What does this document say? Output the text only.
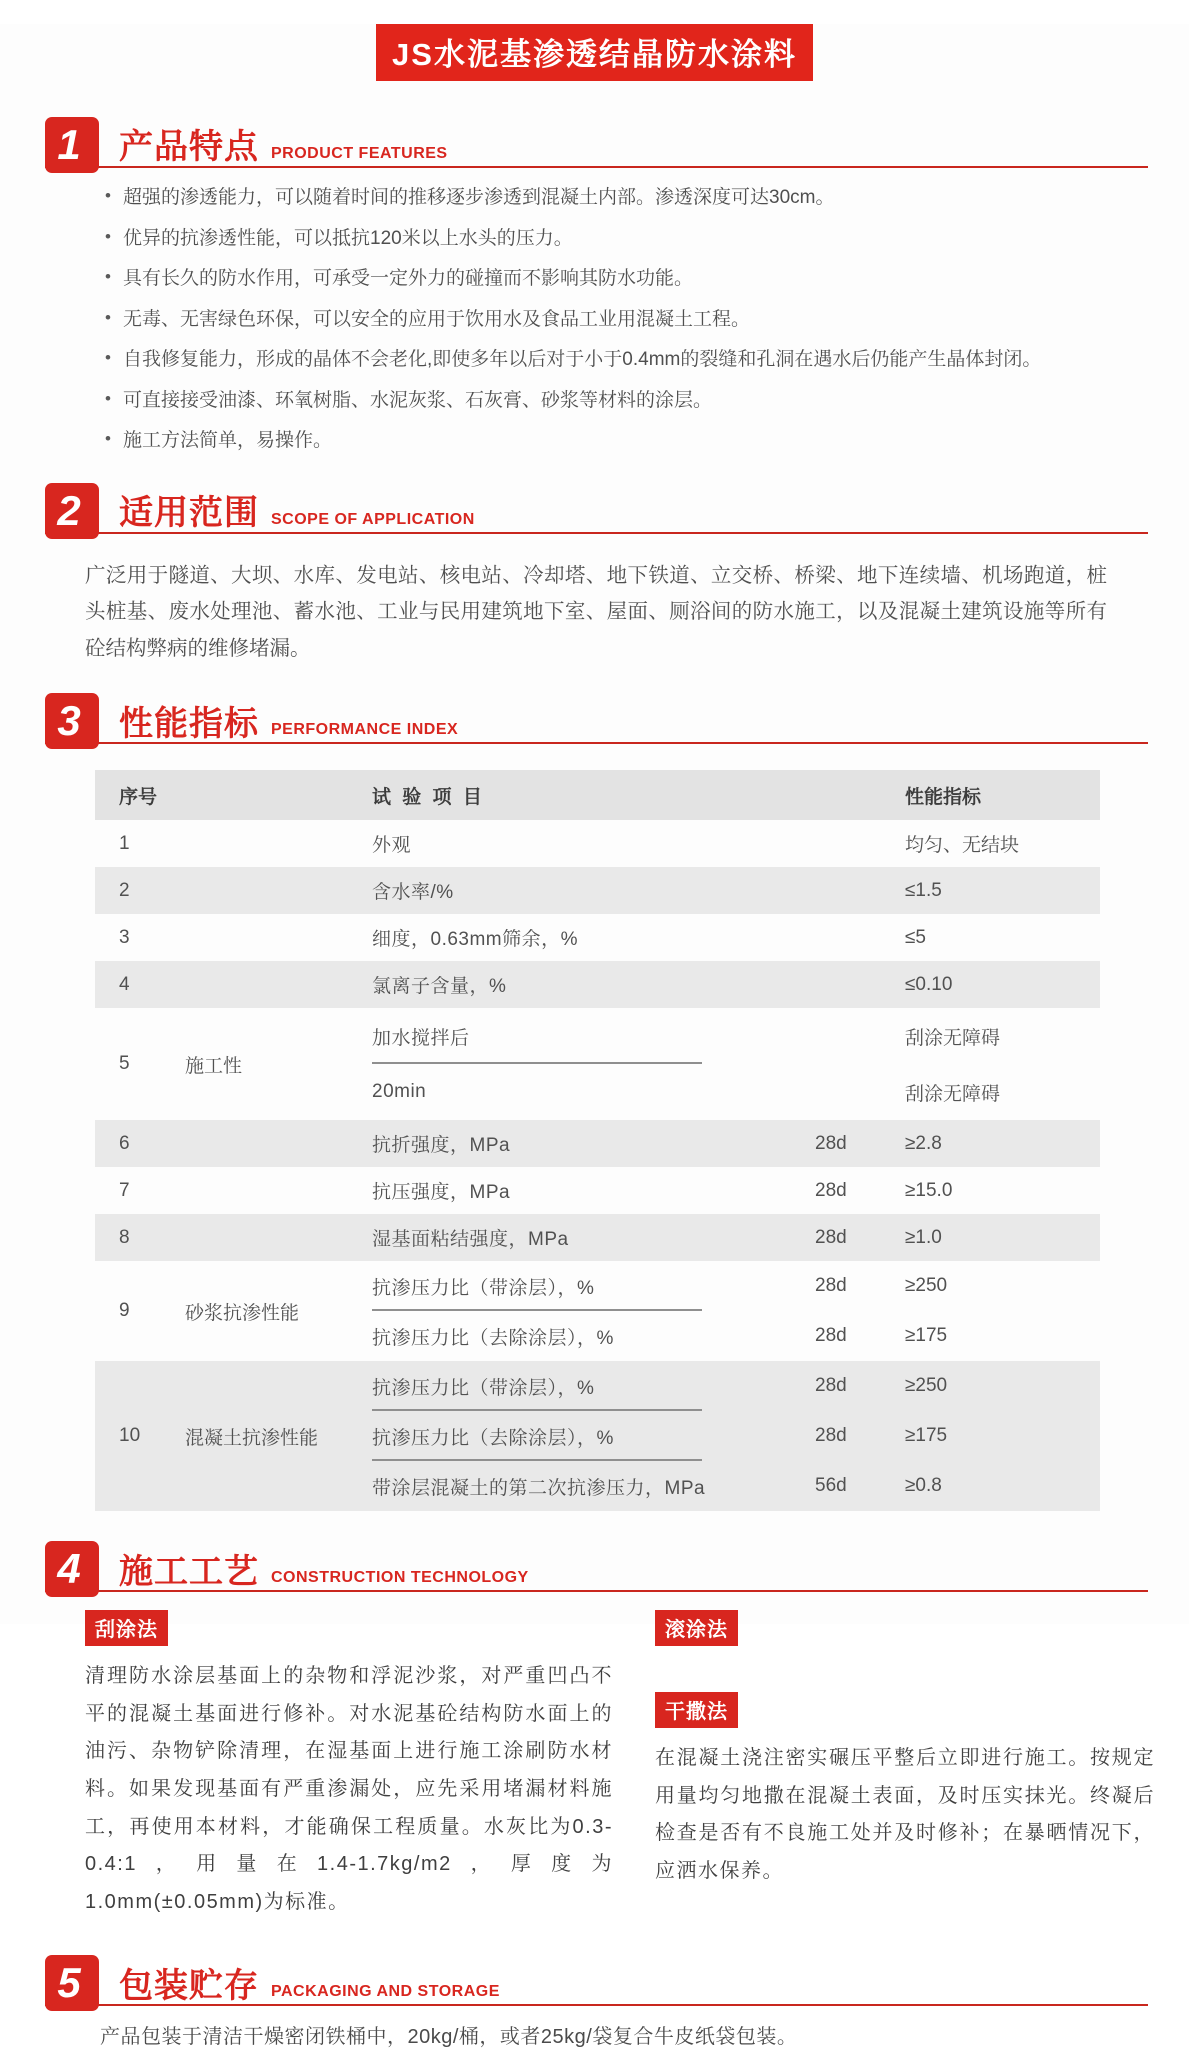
JS水泥基渗透结晶防水涂料
1	产品特点 PRODUCT FEATURES
• 超强的渗透能力，可以随着时间的推移逐步渗透到混凝土内部。渗透深度可达30cm。
• 优异的抗渗透性能，可以抵抗120米以上水头的压力。
• 具有长久的防水作用，可承受一定外力的碰撞而不影响其防水功能。
• 无毒、无害绿色环保，可以安全的应用于饮用水及食品工业用混凝土工程。
• 自我修复能力，形成的晶体不会老化,即使多年以后对于小于0.4mm的裂缝和孔洞在遇水后仍能产生晶体封闭。
• 可直接接受油漆、环氧树脂、水泥灰浆、石灰膏、砂浆等材料的涂层。
• 施工方法简单，易操作。
2	适用范围 SCOPE OF APPLICATION

广泛用于隧道、大坝、水库、发电站、核电站、冷却塔、地下铁道、立交桥、桥梁、地下连续墙、机场跑道，桩头桩基、废水处理池、蓄水池、工业与民用建筑地下室、屋面、厕浴间的防水施工，以及混凝土建筑设施等所有砼结构弊病的维修堵漏。

3	性能指标 PERFORMANCE INDEX
序号	试 验 项 目	性能指标
1	外观	均匀、无结块
2	含水率/%	≤1.5
3	细度，0.63mm筛余，%	≤5
4	氯离子含量，%	≤0.10
5	施工性
加水搅拌后	刮涂无障碍
20min	刮涂无障碍
6	抗折强度，MPa	28d	≥2.8
7	抗压强度，MPa	28d	≥15.0
8	湿基面粘结强度，MPa	28d	≥1.0
9	砂浆抗渗性能
抗渗压力比（带涂层），%	28d	≥250
抗渗压力比（去除涂层），%	28d	≥175
10	混凝土抗渗性能
抗渗压力比（带涂层），%	28d	≥250
抗渗压力比（去除涂层），%	28d	≥175
带涂层混凝土的第二次抗渗压力，MPa	56d	≥0.8
4	施工工艺 CONSTRUCTION TECHNOLOGY
刮涂法

清理防水涂层基面上的杂物和浮泥沙浆，对严重凹凸不平的混凝土基面进行修补。对水泥基砼结构防水面上的油污、杂物铲除清理，在湿基面上进行施工涂刷防水材料。如果发现基面有严重渗漏处，应先采用堵漏材料施工，再使用本材料，才能确保工程质量。水灰比为0.3-0.4:1，用量在1.4-1.7kg/m2，厚度为1.0mm(±0.05mm)为标准。

滚涂法
干撒法

在混凝土浇注密实碾压平整后立即进行施工。按规定用量均匀地撒在混凝土表面，及时压实抹光。终凝后检查是否有不良施工处并及时修补；在暴晒情况下，应洒水保养。

5	包装贮存 PACKAGING AND STORAGE

产品包装于清洁干燥密闭铁桶中，20kg/桶，或者25kg/袋复合牛皮纸袋包装。
